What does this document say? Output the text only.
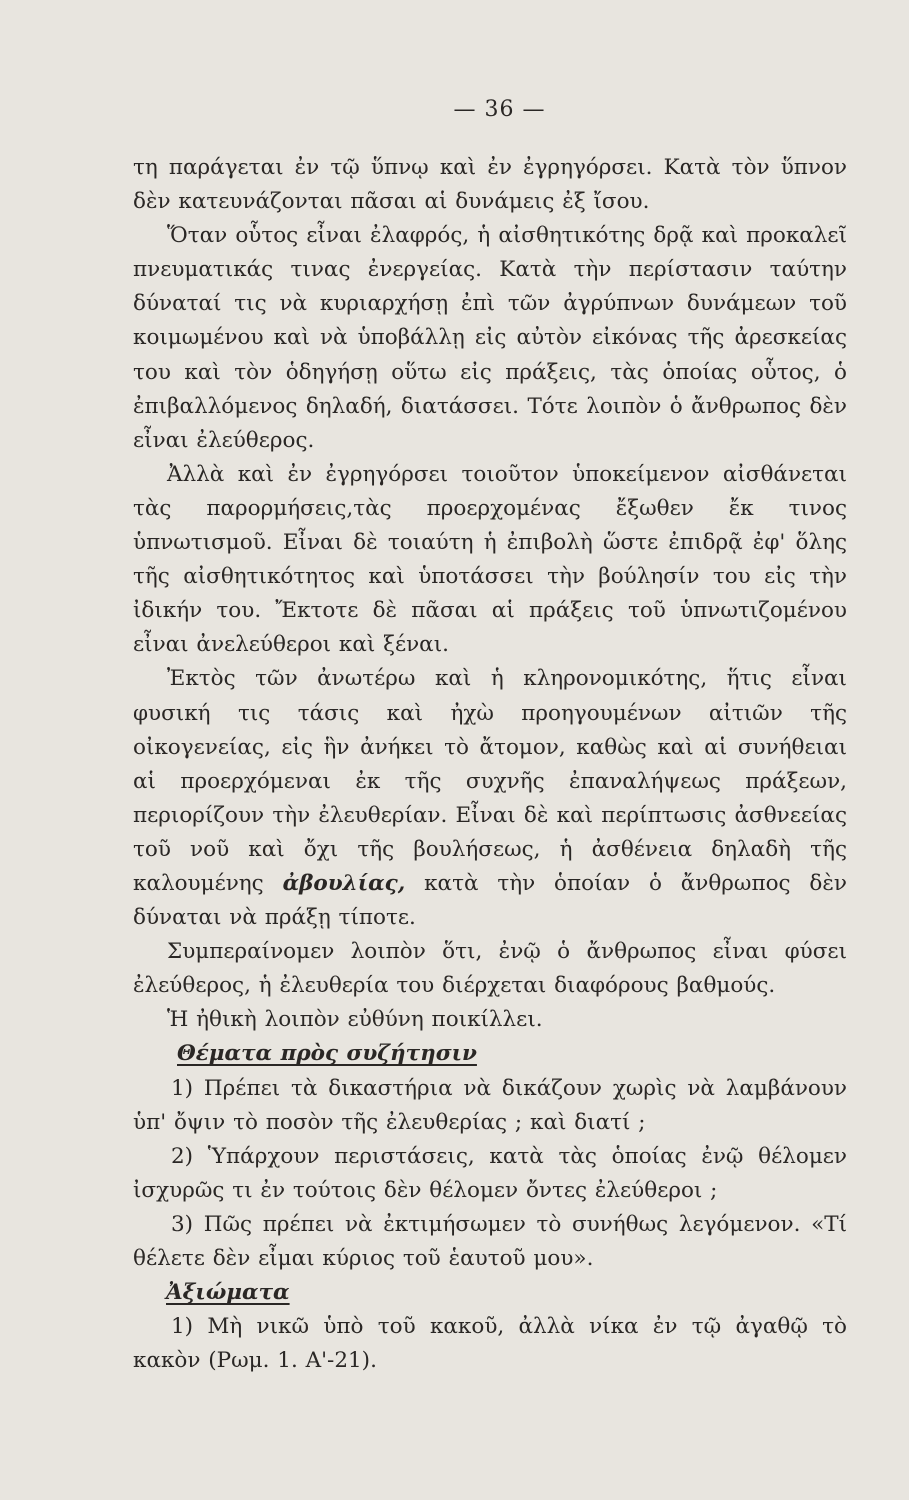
— 36 —

τη παράγεται ἐν τῷ ὕπνῳ καὶ ἐν ἐγρηγόρσει. Κατὰ τὸν ὕπνον δὲν κατευνάζονται πᾶσαι αἱ δυνάμεις ἐξ ἴσου.

Ὅταν οὗτος εἶναι ἐλαφρός, ἡ αἰσθητικότης δρᾷ καὶ προκαλεῖ πνευματικάς τινας ἐνεργείας. Κατὰ τὴν περίστασιν ταύτην δύναταί τις νὰ κυριαρχήσῃ ἐπὶ τῶν ἀγρύπνων δυνάμεων τοῦ κοιμωμένου καὶ νὰ ὑποβάλλῃ εἰς αὐτὸν εἰκόνας τῆς ἀρεσκείας του καὶ τὸν ὁδηγήσῃ οὕτω εἰς πράξεις, τὰς ὁποίας οὗτος, ὁ ἐπιβαλλόμενος δηλαδή, διατάσσει. Τότε λοιπὸν ὁ ἄνθρωπος δὲν εἶναι ἐλεύθερος.

Ἀλλὰ καὶ ἐν ἐγρηγόρσει τοιοῦτον ὑποκείμενον αἰσθάνεται τὰς παρορμήσεις,τὰς προερχομένας ἔξωθεν ἔκ τινος ὑπνωτισμοῦ. Εἶναι δὲ τοιαύτη ἡ ἐπιβολὴ ὥστε ἐπιδρᾷ ἐφ' ὅλης τῆς αἰσθητικότητος καὶ ὑποτάσσει τὴν βούλησίν του εἰς τὴν ἰδικήν του. Ἔκτοτε δὲ πᾶσαι αἱ πράξεις τοῦ ὑπνωτιζομένου εἶναι ἀνελεύθεροι καὶ ξέναι.

Ἐκτὸς τῶν ἀνωτέρω καὶ ἡ κληρονομικότης, ἥτις εἶναι φυσική τις τάσις καὶ ἠχὼ προηγουμένων αἰτιῶν τῆς οἰκογενείας, εἰς ἣν ἀνήκει τὸ ἄτομον, καθὼς καὶ αἱ συνήθειαι αἱ προερχόμεναι ἐκ τῆς συχνῆς ἐπαναλήψεως πράξεων, περιορίζουν τὴν ἐλευθερίαν. Εἶναι δὲ καὶ περίπτωσις ἀσθνεείας τοῦ νοῦ καὶ ὄχι τῆς βουλήσεως, ἡ ἀσθένεια δηλαδὴ τῆς καλουμένης ἀβουλίας, κατὰ τὴν ὁποίαν ὁ ἄνθρωπος δὲν δύναται νὰ πράξῃ τίποτε.

Συμπεραίνομεν λοιπὸν ὅτι, ἐνῷ ὁ ἄνθρωπος εἶναι φύσει ἐλεύθερος, ἡ ἐλευθερία του διέρχεται διαφόρους βαθμούς.

Ἡ ἠθικὴ λοιπὸν εὐθύνη ποικίλλει.

Θέματα πρὸς συζήτησιν

1) Πρέπει τὰ δικαστήρια νὰ δικάζουν χωρὶς νὰ λαμβάνουν ὑπ' ὄψιν τὸ ποσὸν τῆς ἐλευθερίας ; καὶ διατί ;

2) Ὑπάρχουν περιστάσεις, κατὰ τὰς ὁποίας ἐνῷ θέλομεν ἰσχυρῶς τι ἐν τούτοις δὲν θέλομεν ὄντες ἐλεύθεροι ;

3) Πῶς πρέπει νὰ ἐκτιμήσωμεν τὸ συνήθως λεγόμενον. «Τί θέλετε δὲν εἶμαι κύριος τοῦ ἑαυτοῦ μου».

Ἀξιώματα

1) Μὴ νικῶ ὑπὸ τοῦ κακοῦ, ἀλλὰ νίκα ἐν τῷ ἀγαθῷ τὸ κακὸν (Ρωμ. 1. Α'-21).
